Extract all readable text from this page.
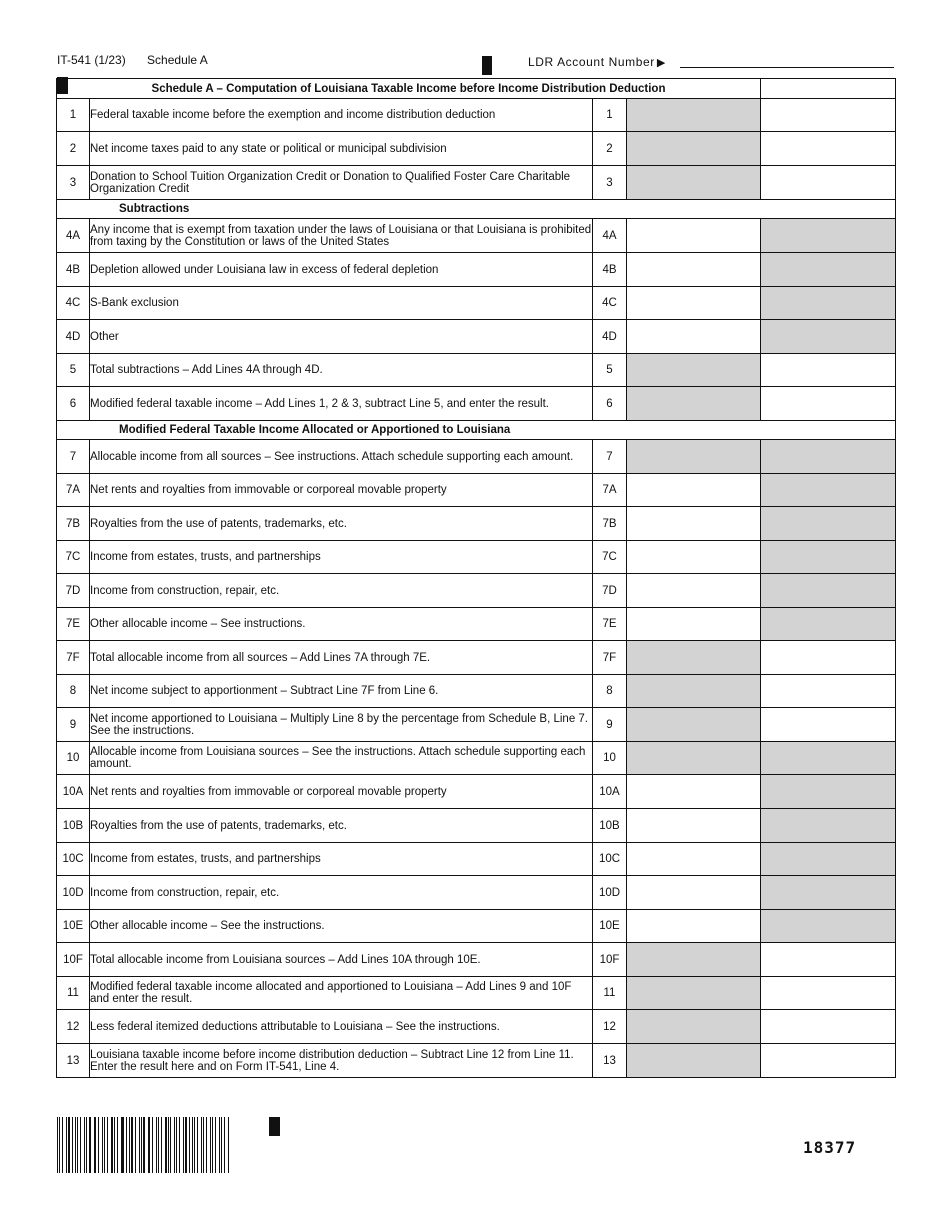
IT-541 (1/23) Schedule A	LDR Account Number ▶
Schedule A – Computation of Louisiana Taxable Income before Income Distribution Deduction				
1	Federal taxable income before the exemption and income distribution deduction	1		
2	Net income taxes paid to any state or political or municipal subdivision	2		
3	Donation to School Tuition Organization Credit or Donation to Qualified Foster Care Charitable Organization Credit	3		
Subtractions				
4A	Any income that is exempt from taxation under the laws of Louisiana or that Louisiana is prohibited from taxing by the Constitution or laws of the United States	4A		
4B	Depletion allowed under Louisiana law in excess of federal depletion	4B		
4C	S-Bank exclusion	4C		
4D	Other	4D		
5	Total subtractions – Add Lines 4A through 4D.	5		
6	Modified federal taxable income – Add Lines 1, 2 & 3, subtract Line 5, and enter the result.	6		
Modified Federal Taxable Income Allocated or Apportioned to Louisiana				
7	Allocable income from all sources – See instructions. Attach schedule supporting each amount.	7		
7A	Net rents and royalties from immovable or corporeal movable property	7A		
7B	Royalties from the use of patents, trademarks, etc.	7B		
7C	Income from estates, trusts, and partnerships	7C		
7D	Income from construction, repair, etc.	7D		
7E	Other allocable income – See instructions.	7E		
7F	Total allocable income from all sources – Add Lines 7A through 7E.	7F		
8	Net income subject to apportionment – Subtract Line 7F from Line 6.	8		
9	Net income apportioned to Louisiana – Multiply Line 8 by the percentage from Schedule B, Line 7. See the instructions.	9		
10	Allocable income from Louisiana sources – See the instructions. Attach schedule supporting each amount.	10		
10A	Net rents and royalties from immovable or corporeal movable property	10A		
10B	Royalties from the use of patents, trademarks, etc.	10B		
10C	Income from estates, trusts, and partnerships	10C		
10D	Income from construction, repair, etc.	10D		
10E	Other allocable income – See the instructions.	10E		
10F	Total allocable income from Louisiana sources – Add Lines 10A through 10E.	10F		
11	Modified federal taxable income allocated and apportioned to Louisiana – Add Lines 9 and 10F and enter the result.	11		
12	Less federal itemized deductions attributable to Louisiana – See the instructions.	12		
13	Louisiana taxable income before income distribution deduction – Subtract Line 12 from Line 11. Enter the result here and on Form IT-541, Line 4.	13		
18377
